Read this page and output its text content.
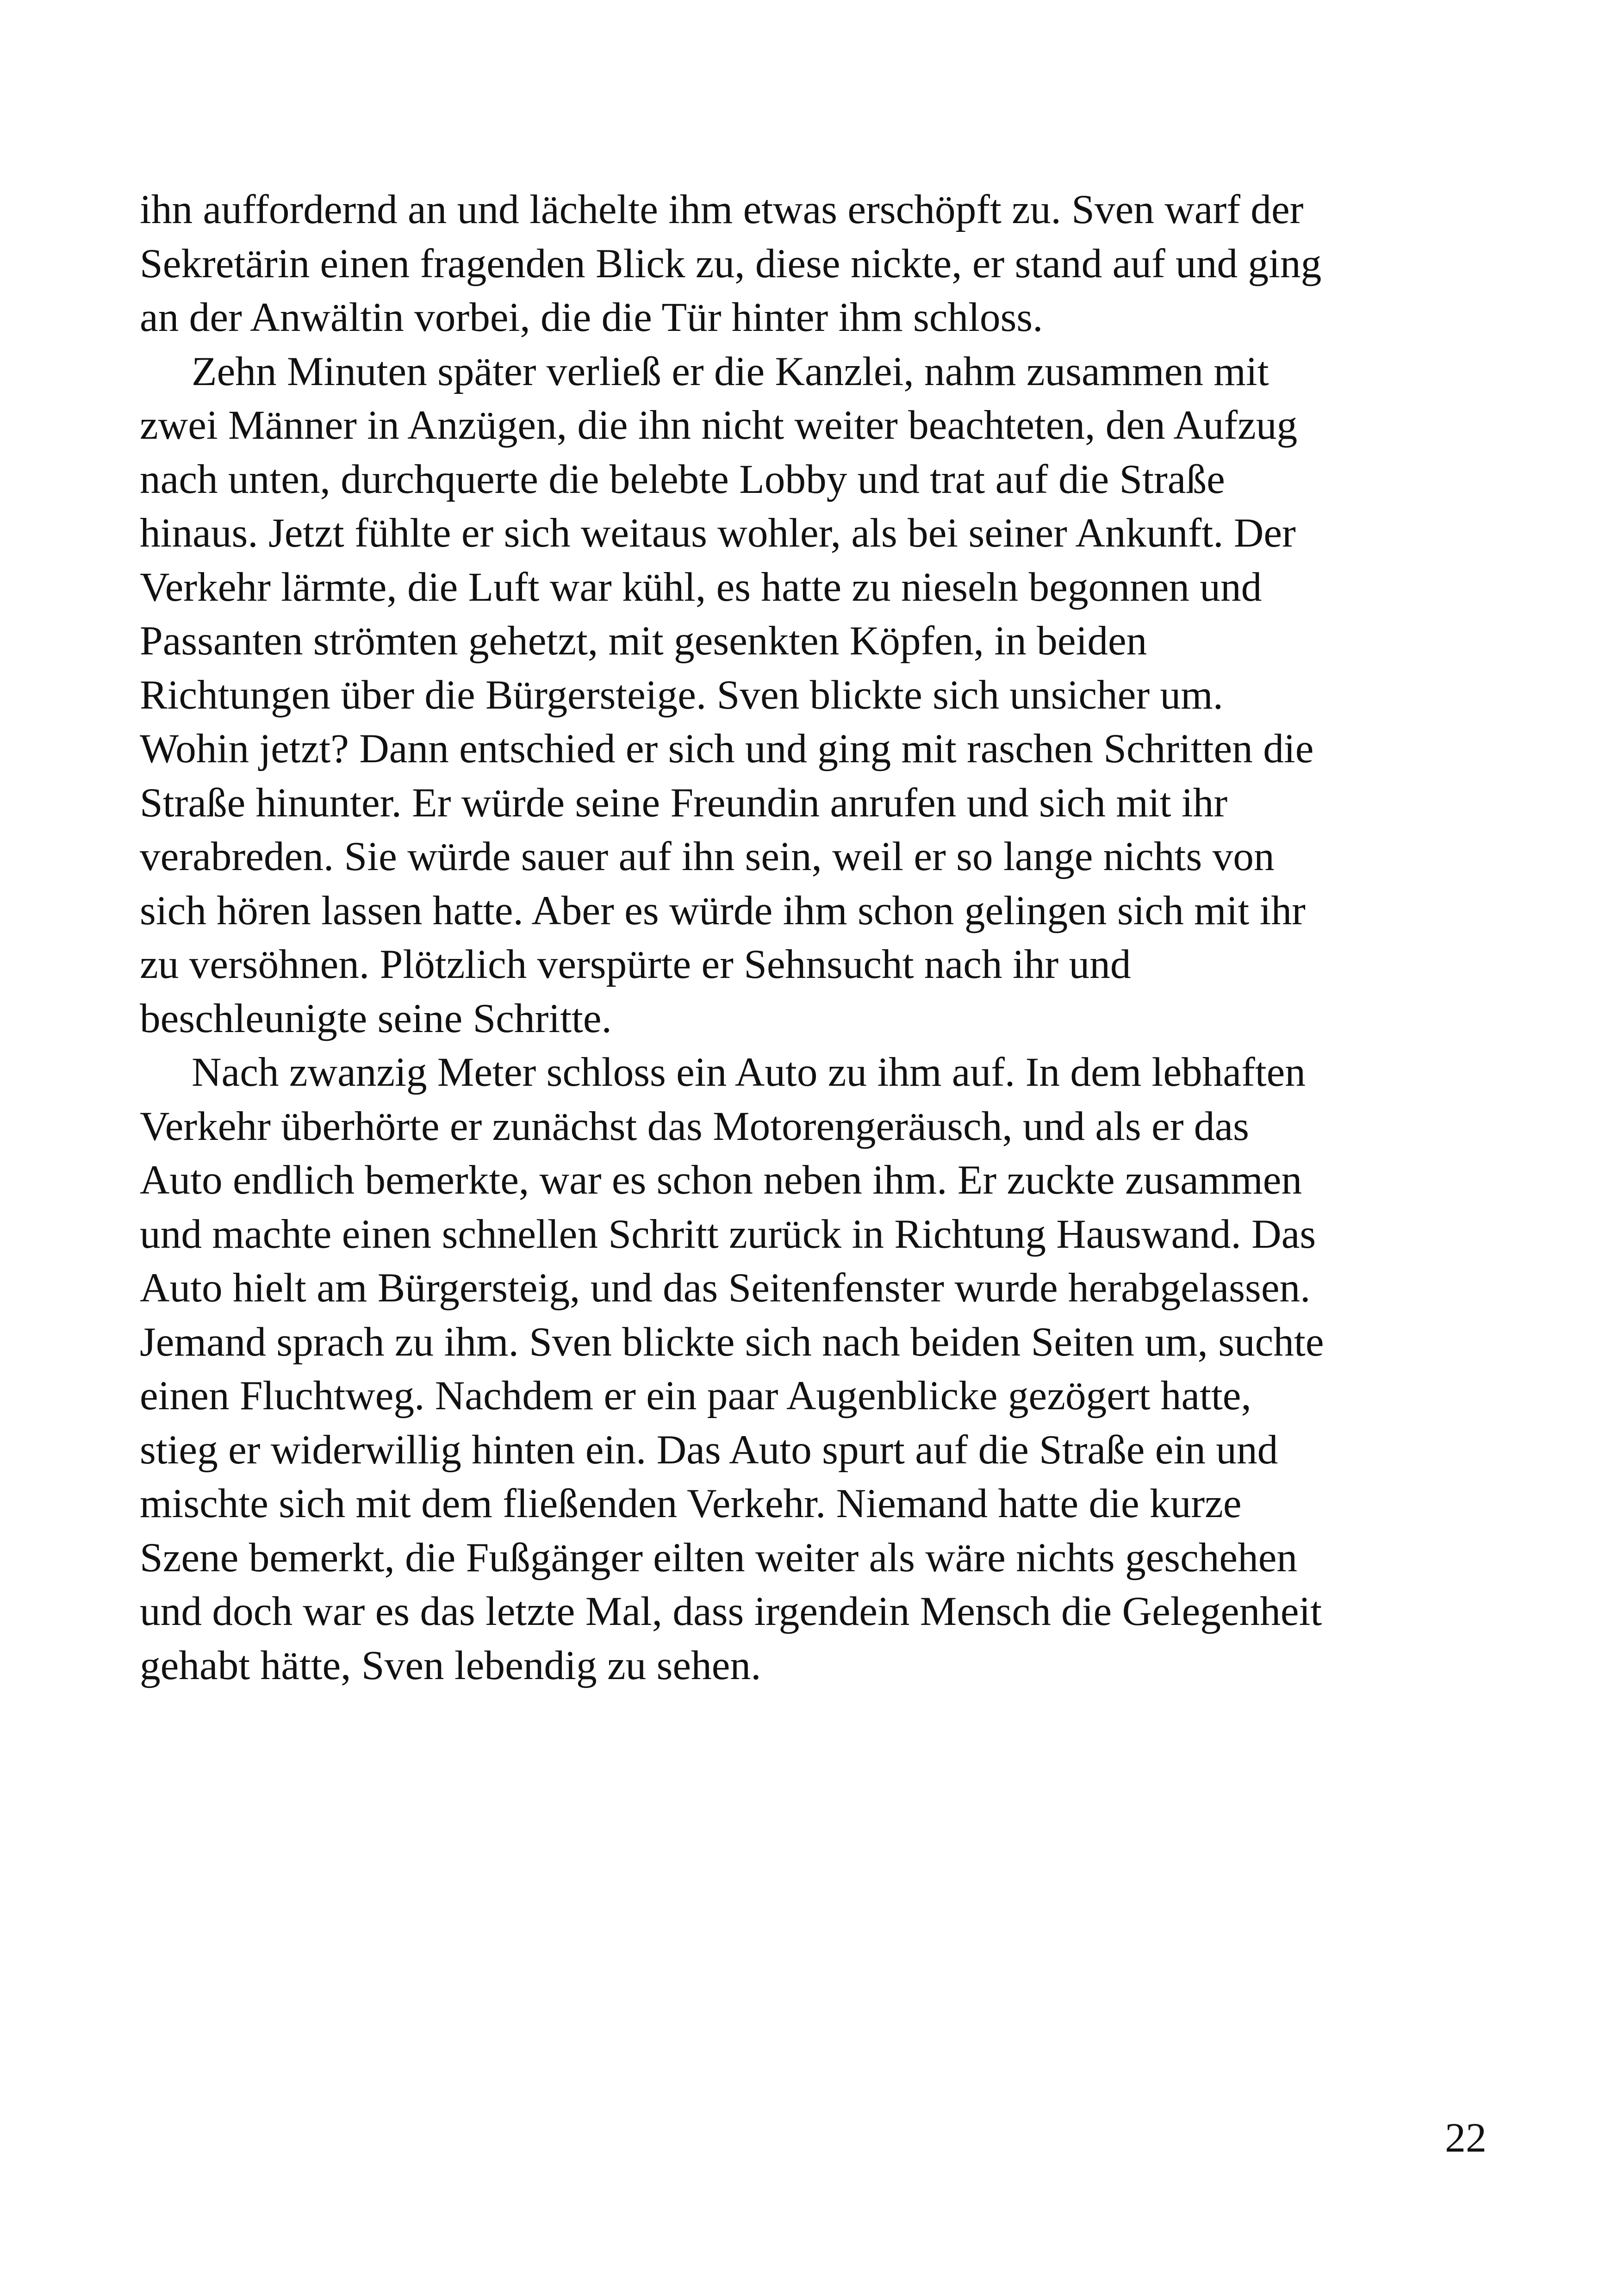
ihn auffordernd an und lächelte ihm etwas erschöpft zu. Sven warf der

Sekretärin einen fragenden Blick zu, diese nickte, er stand auf und ging

an der Anwältin vorbei, die die Tür hinter ihm schloss.

Zehn Minuten später verließ er die Kanzlei, nahm zusammen mit

zwei Männer in Anzügen, die ihn nicht weiter beachteten, den Aufzug

nach unten, durchquerte die belebte Lobby und trat auf die Straße

hinaus. Jetzt fühlte er sich weitaus wohler, als bei seiner Ankunft. Der

Verkehr lärmte, die Luft war kühl, es hatte zu nieseln begonnen und

Passanten strömten gehetzt, mit gesenkten Köpfen, in beiden

Richtungen über die Bürgersteige. Sven blickte sich unsicher um.

Wohin jetzt? Dann entschied er sich und ging mit raschen Schritten die

Straße hinunter. Er würde seine Freundin anrufen und sich mit ihr

verabreden. Sie würde sauer auf ihn sein, weil er so lange nichts von

sich hören lassen hatte. Aber es würde ihm schon gelingen sich mit ihr

zu versöhnen. Plötzlich verspürte er Sehnsucht nach ihr und

beschleunigte seine Schritte.

Nach zwanzig Meter schloss ein Auto zu ihm auf. In dem lebhaften

Verkehr überhörte er zunächst das Motorengeräusch, und als er das

Auto endlich bemerkte, war es schon neben ihm. Er zuckte zusammen

und machte einen schnellen Schritt zurück in Richtung Hauswand. Das

Auto hielt am Bürgersteig, und das Seitenfenster wurde herabgelassen.

Jemand sprach zu ihm. Sven blickte sich nach beiden Seiten um, suchte

einen Fluchtweg. Nachdem er ein paar Augenblicke gezögert hatte,

stieg er widerwillig hinten ein. Das Auto spurt auf die Straße ein und

mischte sich mit dem fließenden Verkehr. Niemand hatte die kurze

Szene bemerkt, die Fußgänger eilten weiter als wäre nichts geschehen

und doch war es das letzte Mal, dass irgendein Mensch die Gelegenheit

gehabt hätte, Sven lebendig zu sehen.

22
